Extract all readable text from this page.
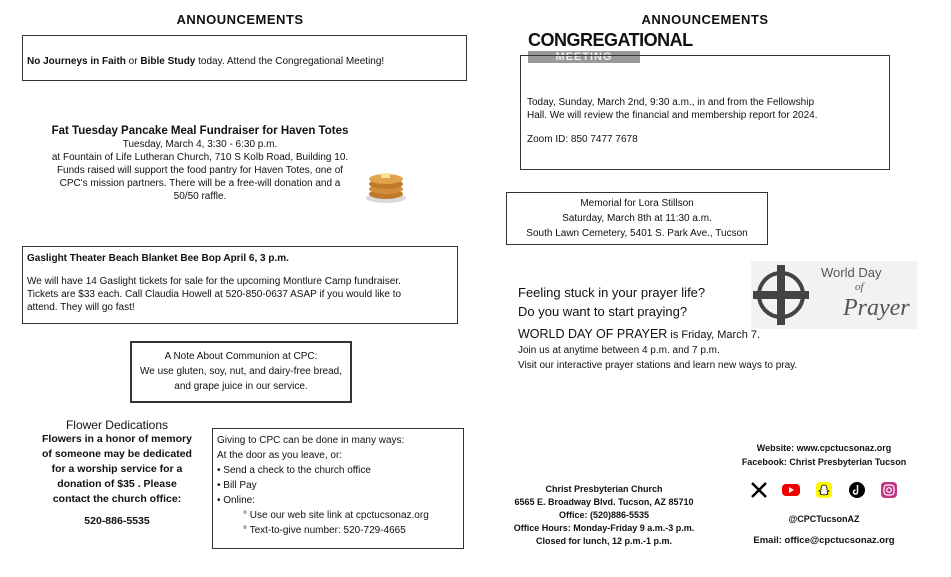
ANNOUNCEMENTS
No Journeys in Faith or Bible Study today. Attend the Congregational Meeting!
Fat Tuesday Pancake Meal Fundraiser for Haven Totes
Tuesday, March 4, 3:30 - 6:30 p.m.
at Fountain of Life Lutheran Church, 710 S Kolb Road, Building 10.
Funds raised will support the food pantry for Haven Totes, one of
CPC's mission partners. There will be a free-will donation and a
50/50 raffle.
Gaslight Theater Beach Blanket Bee Bop April 6, 3 p.m.
We will have 14 Gaslight tickets for sale for the upcoming Montlure Camp fundraiser.
Tickets are $33 each. Call Claudia Howell at 520-850-0637 ASAP if you would like to
attend. They will go fast!
A Note About Communion at CPC:
We use gluten, soy, nut, and dairy-free bread,
and grape juice in our service.
Flower Dedications
Flowers in a honor of memory
of someone may be dedicated
for a worship service for a
donation of $35 . Please
contact the church office:
520-886-5535
Giving to CPC can be done in many ways:
At the door as you leave, or:
• Send a check to the church office
• Bill Pay
• Online:
° Use our web site link at cpctucsonaz.org
° Text-to-give number: 520-729-4665
ANNOUNCEMENTS
CONGREGATIONAL
MEETING
Today, Sunday, March 2nd, 9:30 a.m., in and from the Fellowship
Hall. We will review the financial and membership report for 2024.
Zoom ID: 850 7477 7678
Memorial for Lora Stillson
Saturday, March 8th at 11:30 a.m.
South Lawn Cemetery, 5401 S. Park Ave., Tucson
World Day
of
Prayer
Feeling stuck in your prayer life?
Do you want to start praying?
WORLD DAY OF PRAYER is Friday, March 7.
Join us at anytime between 4 p.m. and 7 p.m.
Visit our interactive prayer stations and learn new ways to pray.
Christ Presbyterian Church
6565 E. Broadway Blvd. Tucson, AZ 85710
Office: (520)886-5535
Office Hours: Monday-Friday 9 a.m.-3 p.m.
Closed for lunch, 12 p.m.-1 p.m.
Website: www.cpctucsonaz.org
Facebook: Christ Presbyterian Tucson

@CPCTucsonAZ
Email: office@cpctucsonaz.org
